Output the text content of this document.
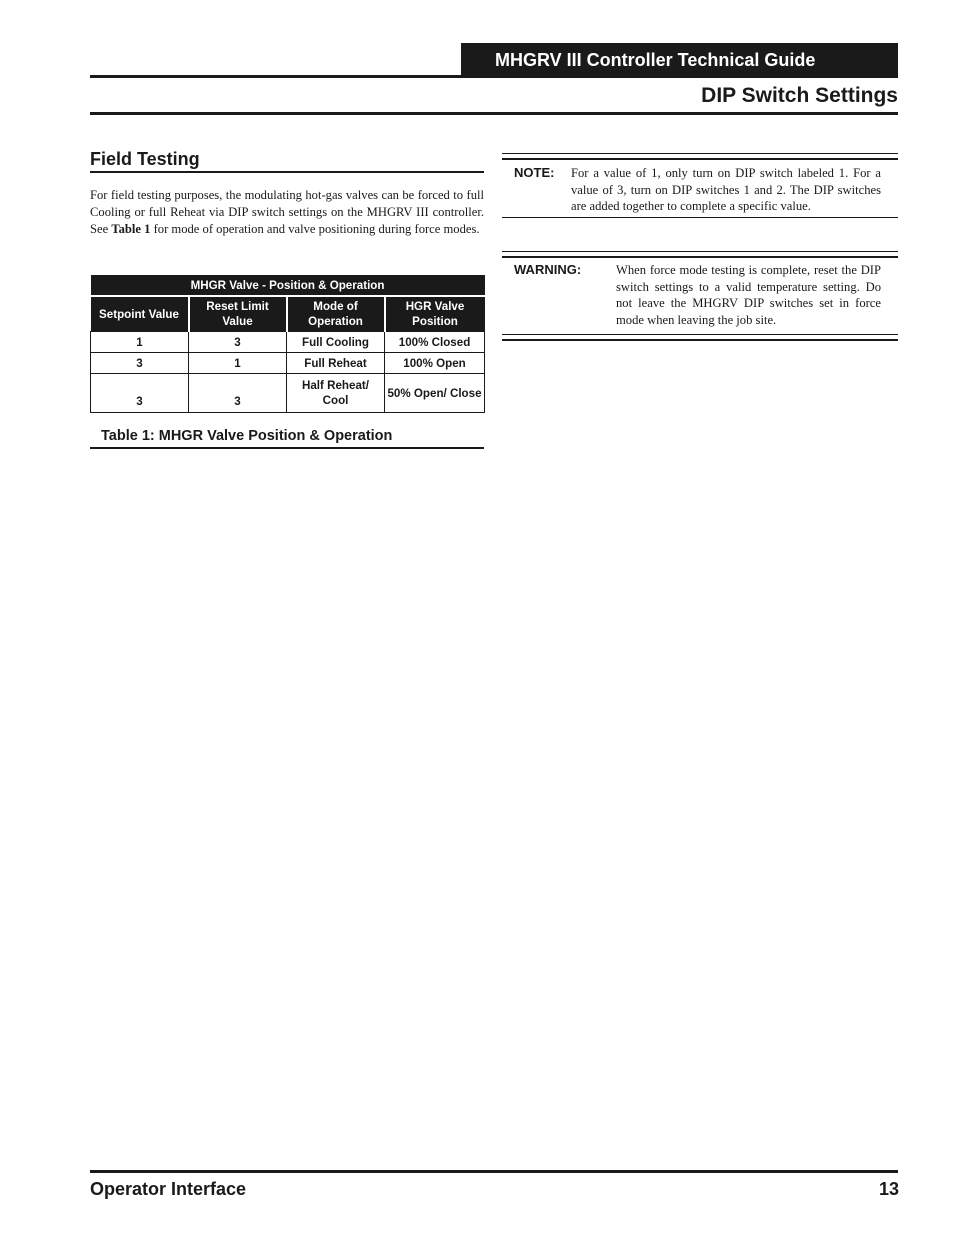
MHGRV III Controller Technical Guide
DIP Switch Settings
Field Testing
For field testing purposes, the modulating hot-gas valves can be forced to full Cooling or full Reheat via DIP switch settings on the MHGRV III controller. See Table 1 for mode of operation and valve positioning during force modes.
MHGR Valve - Position & Operation			
Setpoint Value	Reset Limit Value	Mode of Operation	HGR Valve Position
1	3	Full Cooling	100% Closed
3	1	Full Reheat	100% Open
3	3	Half Reheat/ Cool	50% Open/ Close
Table 1: MHGR Valve Position & Operation
NOTE: For a value of 1, only turn on DIP switch labeled 1. For a value of 3, turn on DIP switches 1 and 2. The DIP switches are added together to complete a specific value.
WARNING:	When force mode testing is complete, reset the DIP switch settings to a valid temperature setting. Do not leave the MHGRV DIP switches set in force mode when leaving the job site.
Operator Interface	13
